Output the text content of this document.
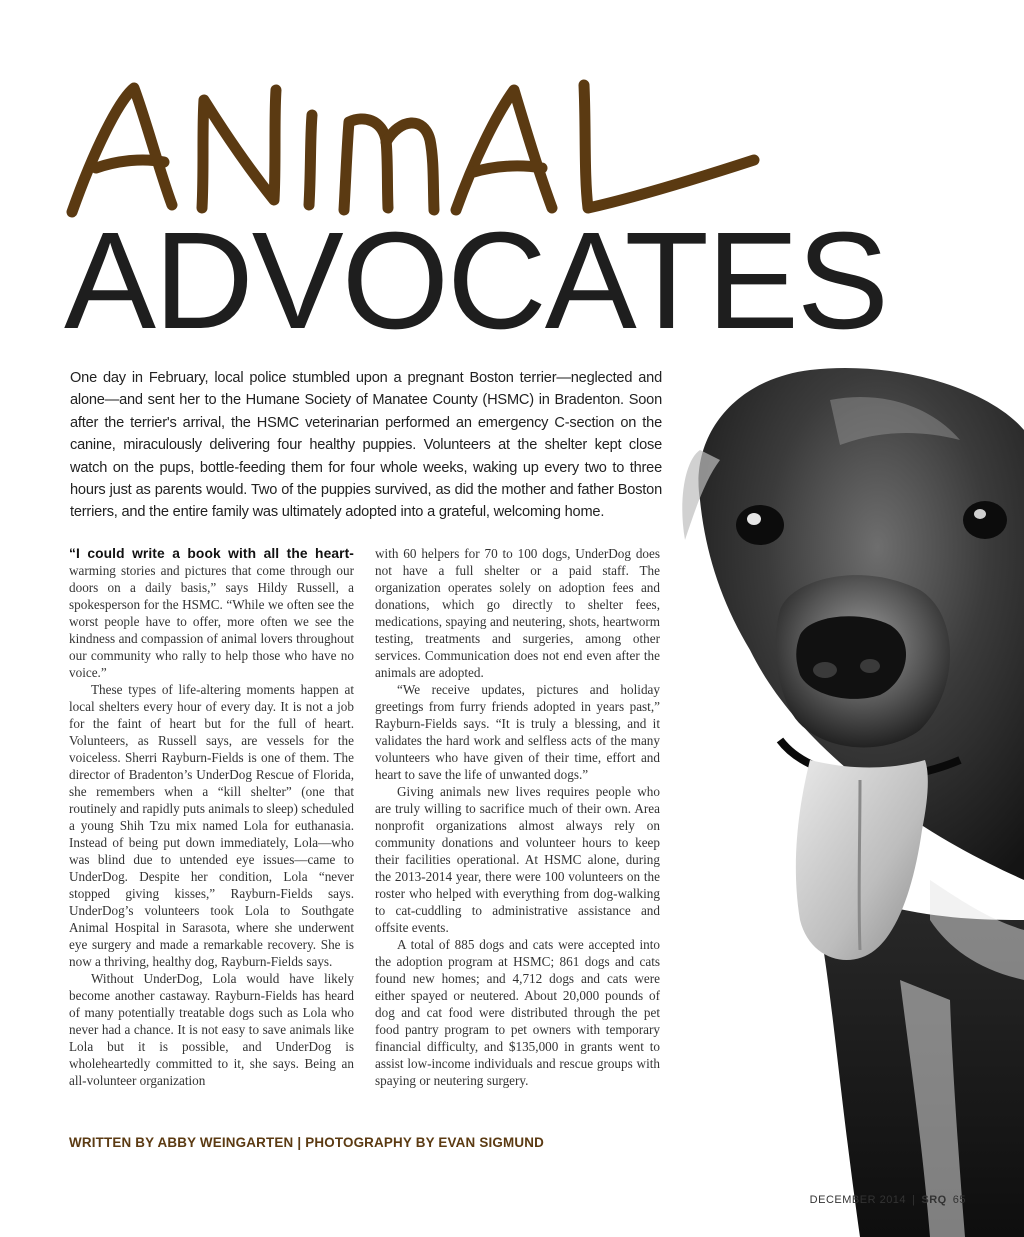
ADVOCATES

One day in February, local police stumbled upon a pregnant Boston terrier—neglected and alone—and sent her to the Humane Society of Manatee County (HSMC) in Bradenton. Soon after the terrier's arrival, the HSMC veterinarian performed an emergency C-section on the canine, miraculously delivering four healthy puppies. Volunteers at the shelter kept close watch on the pups, bottle-feeding them for four whole weeks, waking up every two to three hours just as parents would. Two of the puppies survived, as did the mother and father Boston terriers, and the entire family was ultimately adopted into a grateful, welcoming home.

“I could write a book with all the heart- warming stories and pictures that come through our doors on a daily basis,” says Hildy Russell, a spokesperson for the HSMC. “While we often see the worst people have to offer, more often we see the kindness and compassion of animal lovers throughout our community who rally to help those who have no voice.”

These types of life-altering moments happen at local shelters every hour of every day. It is not a job for the faint of heart but for the full of heart. Volunteers, as Russell says, are vessels for the voiceless. Sherri Rayburn-Fields is one of them. The director of Bradenton’s UnderDog Rescue of Florida, she remembers when a “kill shelter” (one that routinely and rapidly puts animals to sleep) scheduled a young Shih Tzu mix named Lola for euthanasia. Instead of being put down immediately, Lola—who was blind due to untended eye issues—came to UnderDog. Despite her condition, Lola “never stopped giving kisses,” Rayburn-Fields says. UnderDog’s volunteers took Lola to Southgate Animal Hospital in Sarasota, where she underwent eye surgery and made a remarkable recovery. She is now a thriving, healthy dog, Rayburn-Fields says.

Without UnderDog, Lola would have likely become another castaway. Rayburn-Fields has heard of many potentially treatable dogs such as Lola who never had a chance. It is not easy to save animals like Lola but it is possible, and UnderDog is wholeheartedly committed to it, she says. Being an all-volunteer organization

with 60 helpers for 70 to 100 dogs, UnderDog does not have a full shelter or a paid staff. The organization operates solely on adoption fees and donations, which go directly to shelter fees, medications, spaying and neutering, shots, heartworm testing, treatments and surgeries, among other services. Communication does not end even after the animals are adopted.

“We receive updates, pictures and holiday greetings from furry friends adopted in years past,” Rayburn-Fields says. “It is truly a blessing, and it validates the hard work and selfless acts of the many volunteers who have given of their time, effort and heart to save the life of unwanted dogs.”

Giving animals new lives requires people who are truly willing to sacrifice much of their own. Area nonprofit organizations almost always rely on community donations and volunteer hours to keep their facilities operational. At HSMC alone, during the 2013-2014 year, there were 100 volunteers on the roster who helped with everything from dog-walking to cat-cuddling to administrative assistance and offsite events.

A total of 885 dogs and cats were accepted into the adoption program at HSMC; 861 dogs and cats found new homes; and 4,712 dogs and cats were either spayed or neutered. About 20,000 pounds of dog and cat food were distributed through the pet food pantry program to pet owners with temporary financial difficulty, and $135,000 in grants went to assist low-income individuals and rescue groups with spaying or neutering surgery.

WRITTEN BY ABBY WEINGARTEN | PHOTOGRAPHY BY EVAN SIGMUND
DECEMBER 2014 | SRQ 65
